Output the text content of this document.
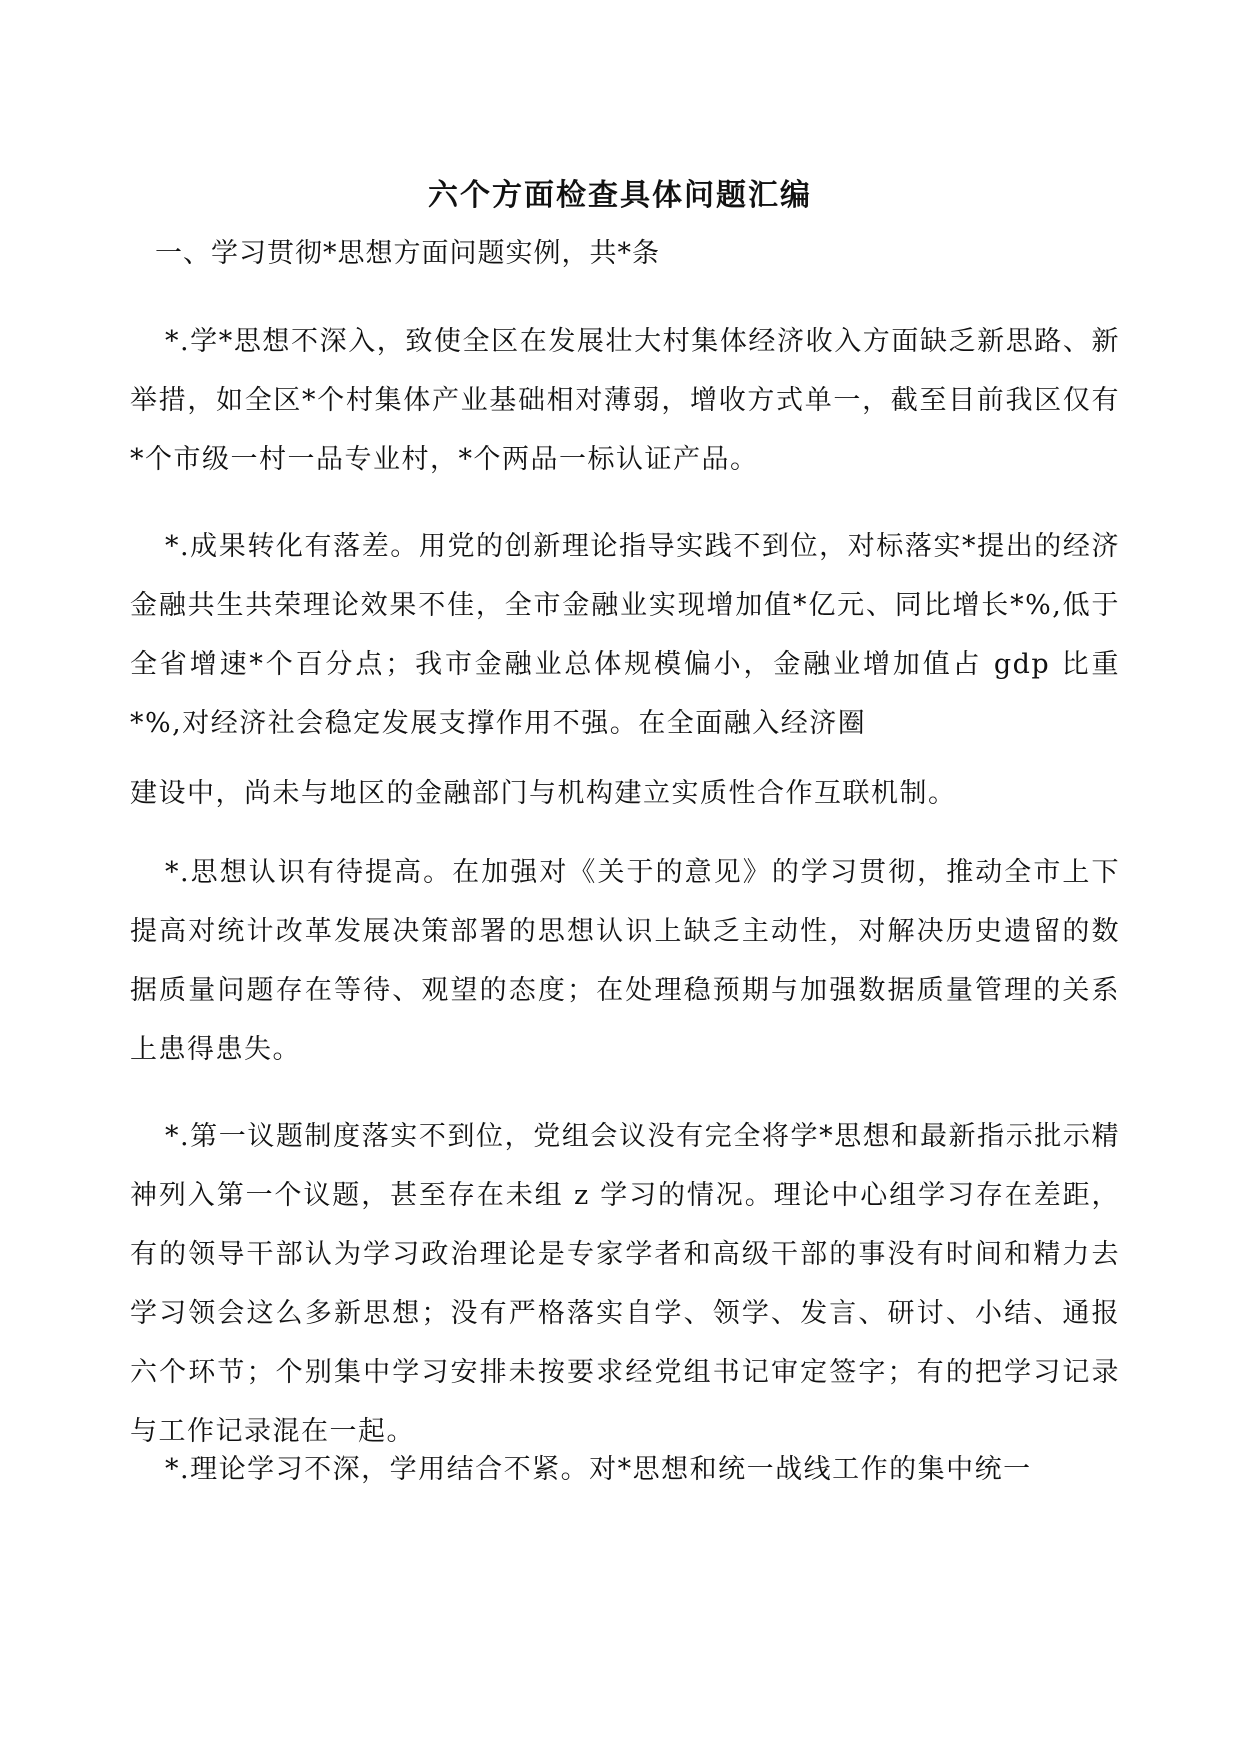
六个方面检查具体问题汇编
一、学习贯彻*思想方面问题实例，共*条

*.学*思想不深入，致使全区在发展壮大村集体经济收入方面缺乏新思路、新举措，如全区*个村集体产业基础相对薄弱，增收方式单一，截至目前我区仅有*个市级一村一品专业村，*个两品一标认证产品。

*.成果转化有落差。用党的创新理论指导实践不到位，对标落实*提出的经济金融共生共荣理论效果不佳，全市金融业实现增加值*亿元、同比增长*%,低于全省增速*个百分点；我市金融业总体规模偏小，金融业增加值占 gdp 比重*%,对经济社会稳定发展支撑作用不强。在全面融入经济圈

建设中，尚未与地区的金融部门与机构建立实质性合作互联机制。

*.思想认识有待提高。在加强对《关于的意见》的学习贯彻，推动全市上下提高对统计改革发展决策部署的思想认识上缺乏主动性，对解决历史遗留的数据质量问题存在等待、观望的态度；在处理稳预期与加强数据质量管理的关系上患得患失。

*.第一议题制度落实不到位，党组会议没有完全将学*思想和最新指示批示精神列入第一个议题，甚至存在未组 z 学习的情况。理论中心组学习存在差距，有的领导干部认为学习政治理论是专家学者和高级干部的事没有时间和精力去学习领会这么多新思想；没有严格落实自学、领学、发言、研讨、小结、通报六个环节；个别集中学习安排未按要求经党组书记审定签字；有的把学习记录与工作记录混在一起。

*.理论学习不深，学用结合不紧。对*思想和统一战线工作的集中统一
